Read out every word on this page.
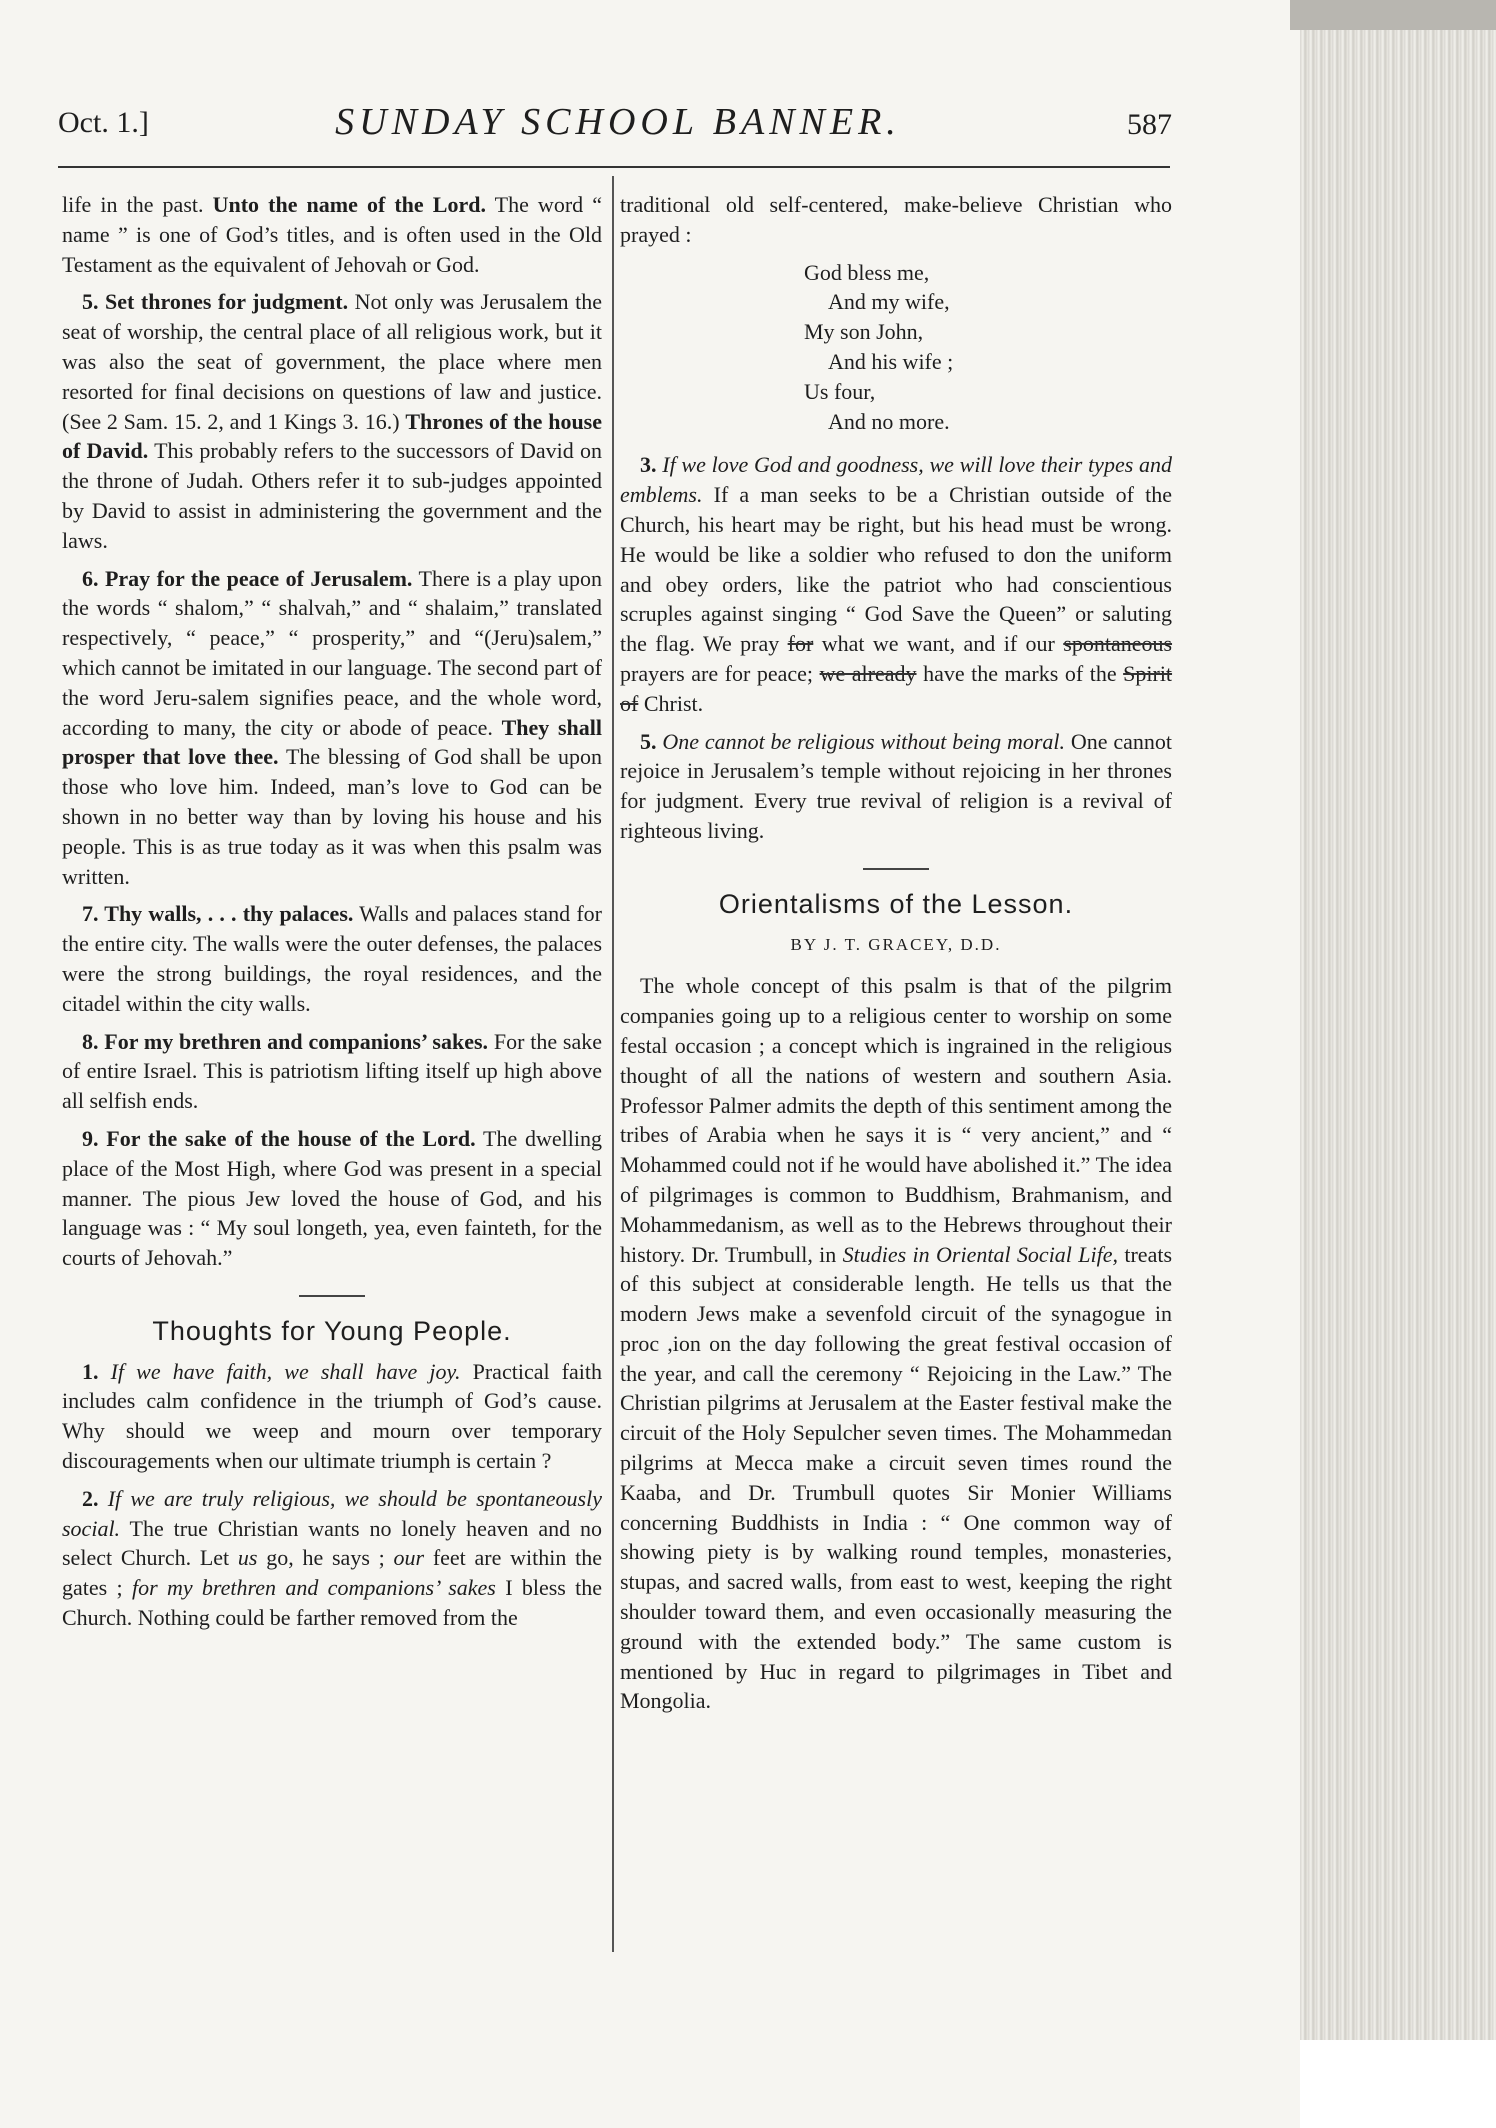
Oct. 1.]	SUNDAY SCHOOL BANNER.	587

life in the past. Unto the name of the Lord. The word “ name ” is one of God’s titles, and is often used in the Old Testament as the equivalent of Jehovah or God.

5. Set thrones for judgment. Not only was Jerusalem the seat of worship, the central place of all religious work, but it was also the seat of government, the place where men resorted for final decisions on questions of law and justice. (See 2 Sam. 15. 2, and 1 Kings 3. 16.) Thrones of the house of David. This probably refers to the successors of David on the throne of Judah. Others refer it to sub-judges appointed by David to assist in administering the government and the laws.

6. Pray for the peace of Jerusalem. There is a play upon the words “ shalom,” “ shalvah,” and “ shalaim,” translated respectively, “ peace,” “ prosperity,” and “(Jeru)salem,” which cannot be imitated in our language. The second part of the word Jeru-salem signifies peace, and the whole word, according to many, the city or abode of peace. They shall prosper that love thee. The blessing of God shall be upon those who love him. Indeed, man’s love to God can be shown in no better way than by loving his house and his people. This is as true today as it was when this psalm was written.

7. Thy walls, . . . thy palaces. Walls and palaces stand for the entire city. The walls were the outer defenses, the palaces were the strong buildings, the royal residences, and the citadel within the city walls.

8. For my brethren and companions’ sakes. For the sake of entire Israel. This is patriotism lifting itself up high above all selfish ends.

9. For the sake of the house of the Lord. The dwelling place of the Most High, where God was present in a special manner. The pious Jew loved the house of God, and his language was : “ My soul longeth, yea, even fainteth, for the courts of Jehovah.”

Thoughts for Young People.

1. If we have faith, we shall have joy. Practical faith includes calm confidence in the triumph of God’s cause. Why should we weep and mourn over temporary discouragements when our ultimate triumph is certain ?

2. If we are truly religious, we should be spontaneously social. The true Christian wants no lonely heaven and no select Church. Let us go, he says ; our feet are within the gates ; for my brethren and companions’ sakes I bless the Church. Nothing could be farther removed from the

traditional old self-centered, make-believe Christian who prayed :

God bless me,
And my wife,
My son John,
And his wife ;
Us four,
And no more.

3. If we love God and goodness, we will love their types and emblems. If a man seeks to be a Christian outside of the Church, his heart may be right, but his head must be wrong. He would be like a soldier who refused to don the uniform and obey orders, like the patriot who had conscientious scruples against singing “ God Save the Queen” or saluting the flag. We pray for what we want, and if our spontaneous prayers are for peace; we already have the marks of the Spirit of Christ.

5. One cannot be religious without being moral. One cannot rejoice in Jerusalem’s temple without rejoicing in her thrones for judgment. Every true revival of religion is a revival of righteous living.

Orientalisms of the Lesson.
BY J. T. GRACEY, D.D.

The whole concept of this psalm is that of the pilgrim companies going up to a religious center to worship on some festal occasion ; a concept which is ingrained in the religious thought of all the nations of western and southern Asia. Professor Palmer admits the depth of this sentiment among the tribes of Arabia when he says it is “ very ancient,” and “ Mohammed could not if he would have abolished it.” The idea of pilgrimages is common to Buddhism, Brahmanism, and Mohammedanism, as well as to the Hebrews throughout their history. Dr. Trumbull, in Studies in Oriental Social Life, treats of this subject at considerable length. He tells us that the modern Jews make a sevenfold circuit of the synagogue in proc ,ion on the day following the great festival occasion of the year, and call the ceremony “ Rejoicing in the Law.” The Christian pilgrims at Jerusalem at the Easter festival make the circuit of the Holy Sepulcher seven times. The Mohammedan pilgrims at Mecca make a circuit seven times round the Kaaba, and Dr. Trumbull quotes Sir Monier Williams concerning Buddhists in India : “ One common way of showing piety is by walking round temples, monasteries, stupas, and sacred walls, from east to west, keeping the right shoulder toward them, and even occasionally measuring the ground with the extended body.” The same custom is mentioned by Huc in regard to pilgrimages in Tibet and Mongolia.
